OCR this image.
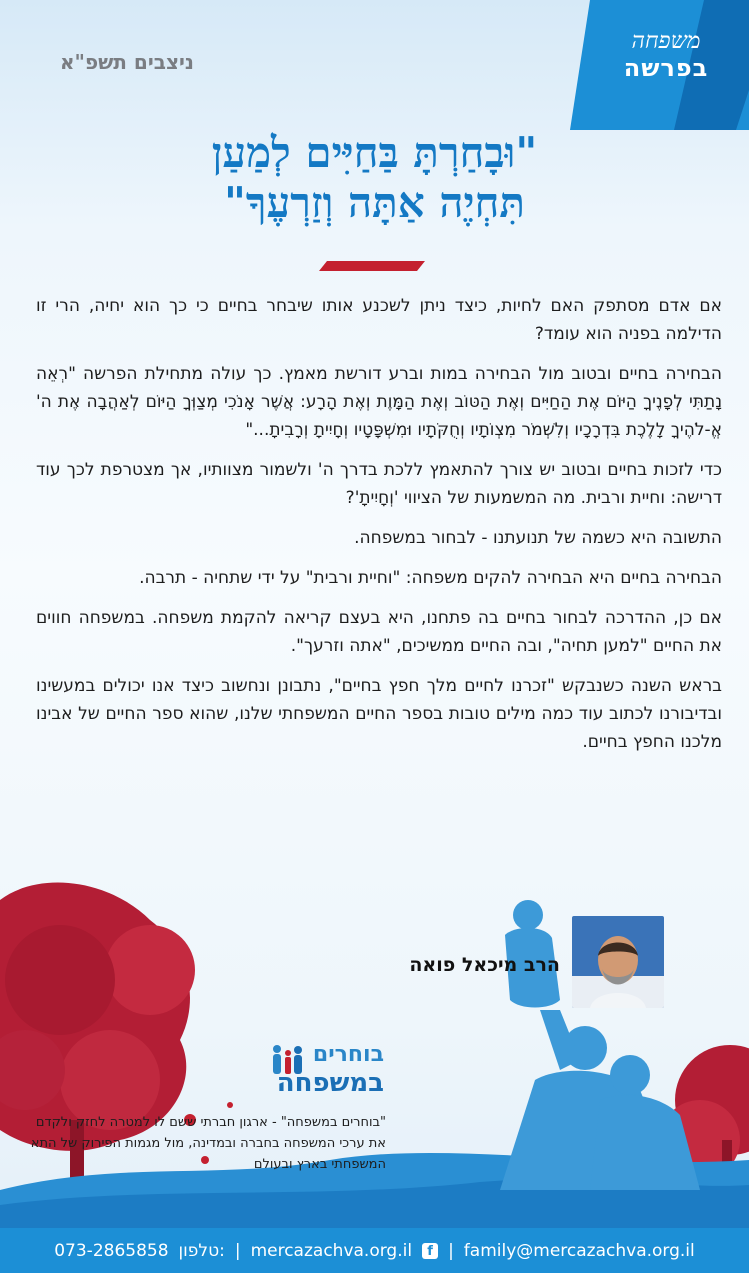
משפחה
בפרשה
ניצבים תשפ"א
"וּבָחַרְתָּ בַּחַיִּים לְמַעַן
תִּחְיֶה אַתָּה וְזַרְעֶךָ"

אם אדם מסתפק האם לחיות, כיצד ניתן לשכנע אותו שיבחר בחיים כי כך הוא יחיה, הרי זו הדילמה בפניה הוא עומד?

הבחירה בחיים ובטוב מול הבחירה במות וברע דורשת מאמץ. כך עולה מתחילת הפרשה "רְאֵה נָתַתִּי לְפָנֶיךָ הַיּוֹם אֶת הַחַיִּים וְאֶת הַטּוֹב וְאֶת הַמָּוֶת וְאֶת הָרָע: אֲשֶׁר אָנֹכִי מְצַוְּךָ הַיּוֹם לְאַהֲבָה אֶת ה' אֱ-לֹהֶיךָ לָלֶכֶת בִּדְרָכָיו וְלִשְׁמֹר מִצְוֹתָיו וְחֻקֹּתָיו וּמִשְׁפָּטָיו וְחָיִיתָ וְרָבִיתָ..."

כדי לזכות בחיים ובטוב יש צורך להתאמץ ללכת בדרך ה' ולשמור מצוותיו, אך מצטרפת לכך עוד דרישה: וחיית ורבית. מה המשמעות של הציווי 'וְחָיִיתָ'?

התשובה היא כשמה של תנועתנו - לבחור במשפחה.

הבחירה בחיים היא הבחירה להקים משפחה: "וחיית ורבית" על ידי שתחיה - תרבה.

אם כן, ההדרכה לבחור בחיים בה פתחנו, היא בעצם קריאה להקמת משפחה. במשפחה חווים את החיים "למען תחיה", ובה החיים ממשיכים, "אתה וזרעך".

בראש השנה כשנבקש "זכרנו לחיים מלך חפץ בחיים", נתבונן ונחשוב כיצד אנו יכולים במעשינו ובדיבורנו לכתוב עוד כמה מילים טובות בספר החיים המשפחתי שלנו, שהוא ספר החיים של אבינו מלכנו החפץ בחיים.

הרב מיכאל פואה
בוחרים
במשפחה
"בוחרים במשפחה" - ארגון חברתי ששם לו למטרה לחזק ולקדם את ערכי המשפחה בחברה ובמדינה, מול מגמות הפירוק של התא המשפחתי בארץ ובעולם
073-2865858 טלפון: | mercazachva.org.il	f | family@mercazachva.org.il
